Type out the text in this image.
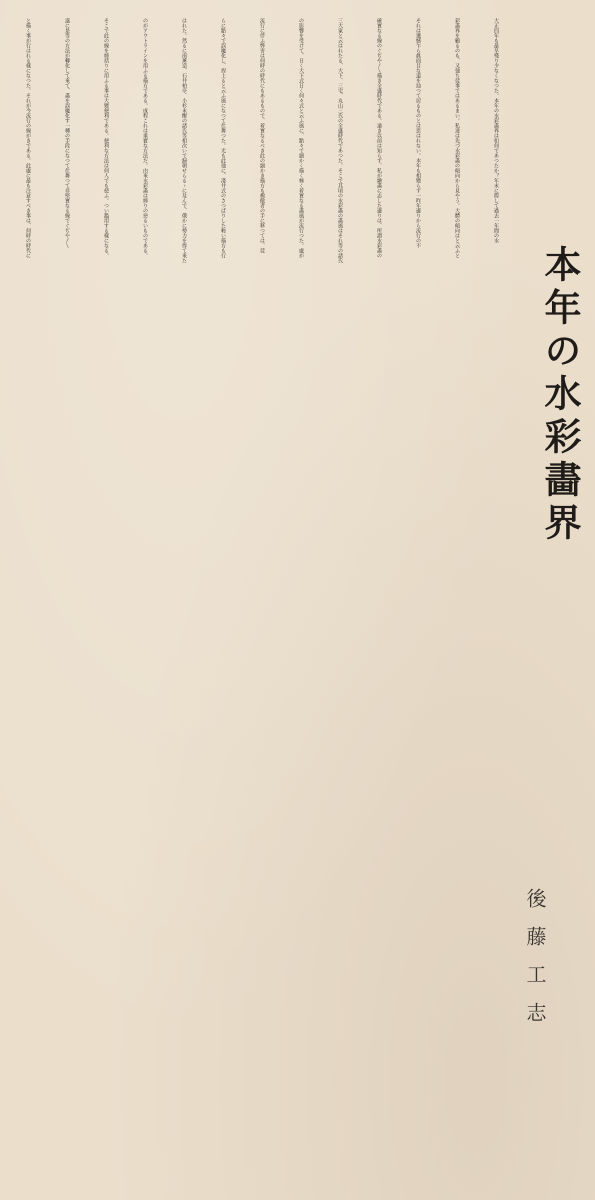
本年の水彩畵界
後藤工志
大正四年も最早殘り少なくなつた。本年の水彩畵界は如何であつたか？年末に際して過去一年間の水
彩畵界を顧るのも、又強ち徒事ではあるまい。私達は先づ水彩畵の傾向から見やう。大體の傾向はと云ふと
それは遺憾乍ら眞面目な道を辿つて居るものとは思はれない。本年も相變らず一昨年邊りから流行の不
確實なる線のぐぢや〳〵描き全盛時代である。遠き以前は知らず、私が繪畵に志した邊りは、所謂水彩畵の
三大家と云はれたる、大下、三宅、丸山三氏の全盛時代であつた。そこで其頃の水彩畵の畵風はそれ等の諸氏
の影響を受けて、日く大下式日く何々式と云ふ風に、點々で細かく描く極く着實なる畵風が流行つた。處が
流行に伴ふ弊害は何時の時代にもあるもので、着實なるべき此の細かき描方も模倣者の手に移つては、徒
らに點々で誤魔化し、捏上ると云ふ風になつて仕舞つた。尤も此他に、淺井式のさつぱりした輕い描方も行
はれた。然るに南薰造、石井柏亭、小杉未醒の諸氏等相次いで歸朝せらるゝに及んで、俄かに勢力を得て來た
のがアウトラインを用ふる描方である。成程これは重寶な方法だ。由來水彩畵は締りの惡るいものである。
そこで此の線を締括りに用ふる事は大變便利である。便利な方法は何人でも使ふ。つい濫用する樣になる。
遂に是等の方法が轉化して來て、畵を誤魔化す一種の手段になつて仕舞つて非堅實なる線でぐぢや〳〵
と描く事が行はれる樣になつた。それが今流行の線がきである。此處に最も注意すべき事は、何時の時代に
